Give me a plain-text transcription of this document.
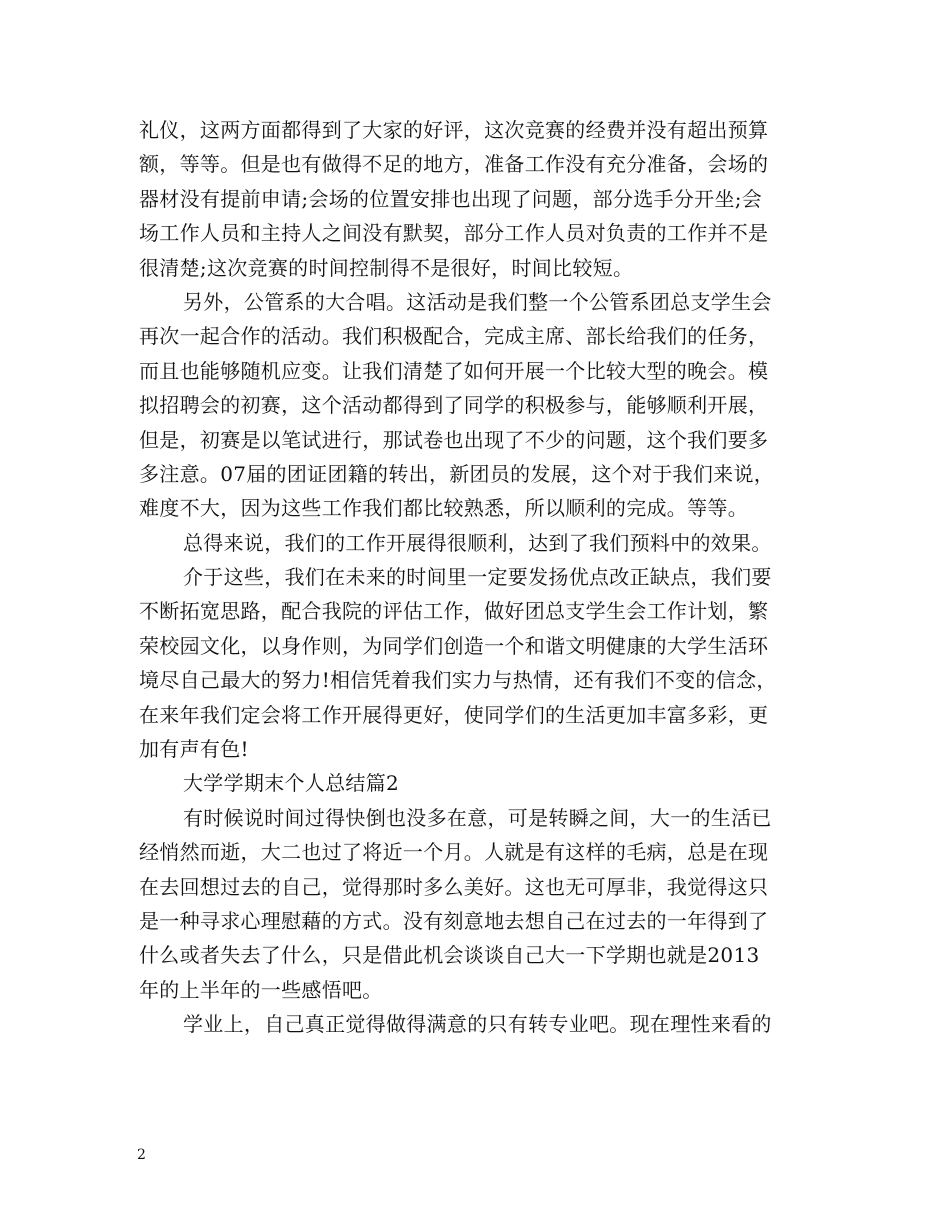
礼仪，这两方面都得到了大家的好评，这次竞赛的经费并没有超出预算
额，等等。但是也有做得不足的地方，准备工作没有充分准备，会场的
器材没有提前申请;会场的位置安排也出现了问题，部分选手分开坐;会
场工作人员和主持人之间没有默契，部分工作人员对负责的工作并不是
很清楚;这次竞赛的时间控制得不是很好，时间比较短。
另外，公管系的大合唱。这活动是我们整一个公管系团总支学生会
再次一起合作的活动。我们积极配合，完成主席、部长给我们的任务，
而且也能够随机应变。让我们清楚了如何开展一个比较大型的晚会。模
拟招聘会的初赛，这个活动都得到了同学的积极参与，能够顺利开展，
但是，初赛是以笔试进行，那试卷也出现了不少的问题，这个我们要多
多注意。07届的团证团籍的转出，新团员的发展，这个对于我们来说，
难度不大，因为这些工作我们都比较熟悉，所以顺利的完成。等等。
总得来说，我们的工作开展得很顺利，达到了我们预料中的效果。
介于这些，我们在未来的时间里一定要发扬优点改正缺点，我们要
不断拓宽思路，配合我院的评估工作，做好团总支学生会工作计划，繁
荣校园文化，以身作则，为同学们创造一个和谐文明健康的大学生活环
境尽自己最大的努力!相信凭着我们实力与热情，还有我们不变的信念，
在来年我们定会将工作开展得更好，使同学们的生活更加丰富多彩，更
加有声有色!
大学学期末个人总结篇2
有时候说时间过得快倒也没多在意，可是转瞬之间，大一的生活已
经悄然而逝，大二也过了将近一个月。人就是有这样的毛病，总是在现
在去回想过去的自己，觉得那时多么美好。这也无可厚非，我觉得这只
是一种寻求心理慰藉的方式。没有刻意地去想自己在过去的一年得到了
什么或者失去了什么，只是借此机会谈谈自己大一下学期也就是2013
年的上半年的一些感悟吧。
学业上，自己真正觉得做得满意的只有转专业吧。现在理性来看的
2
